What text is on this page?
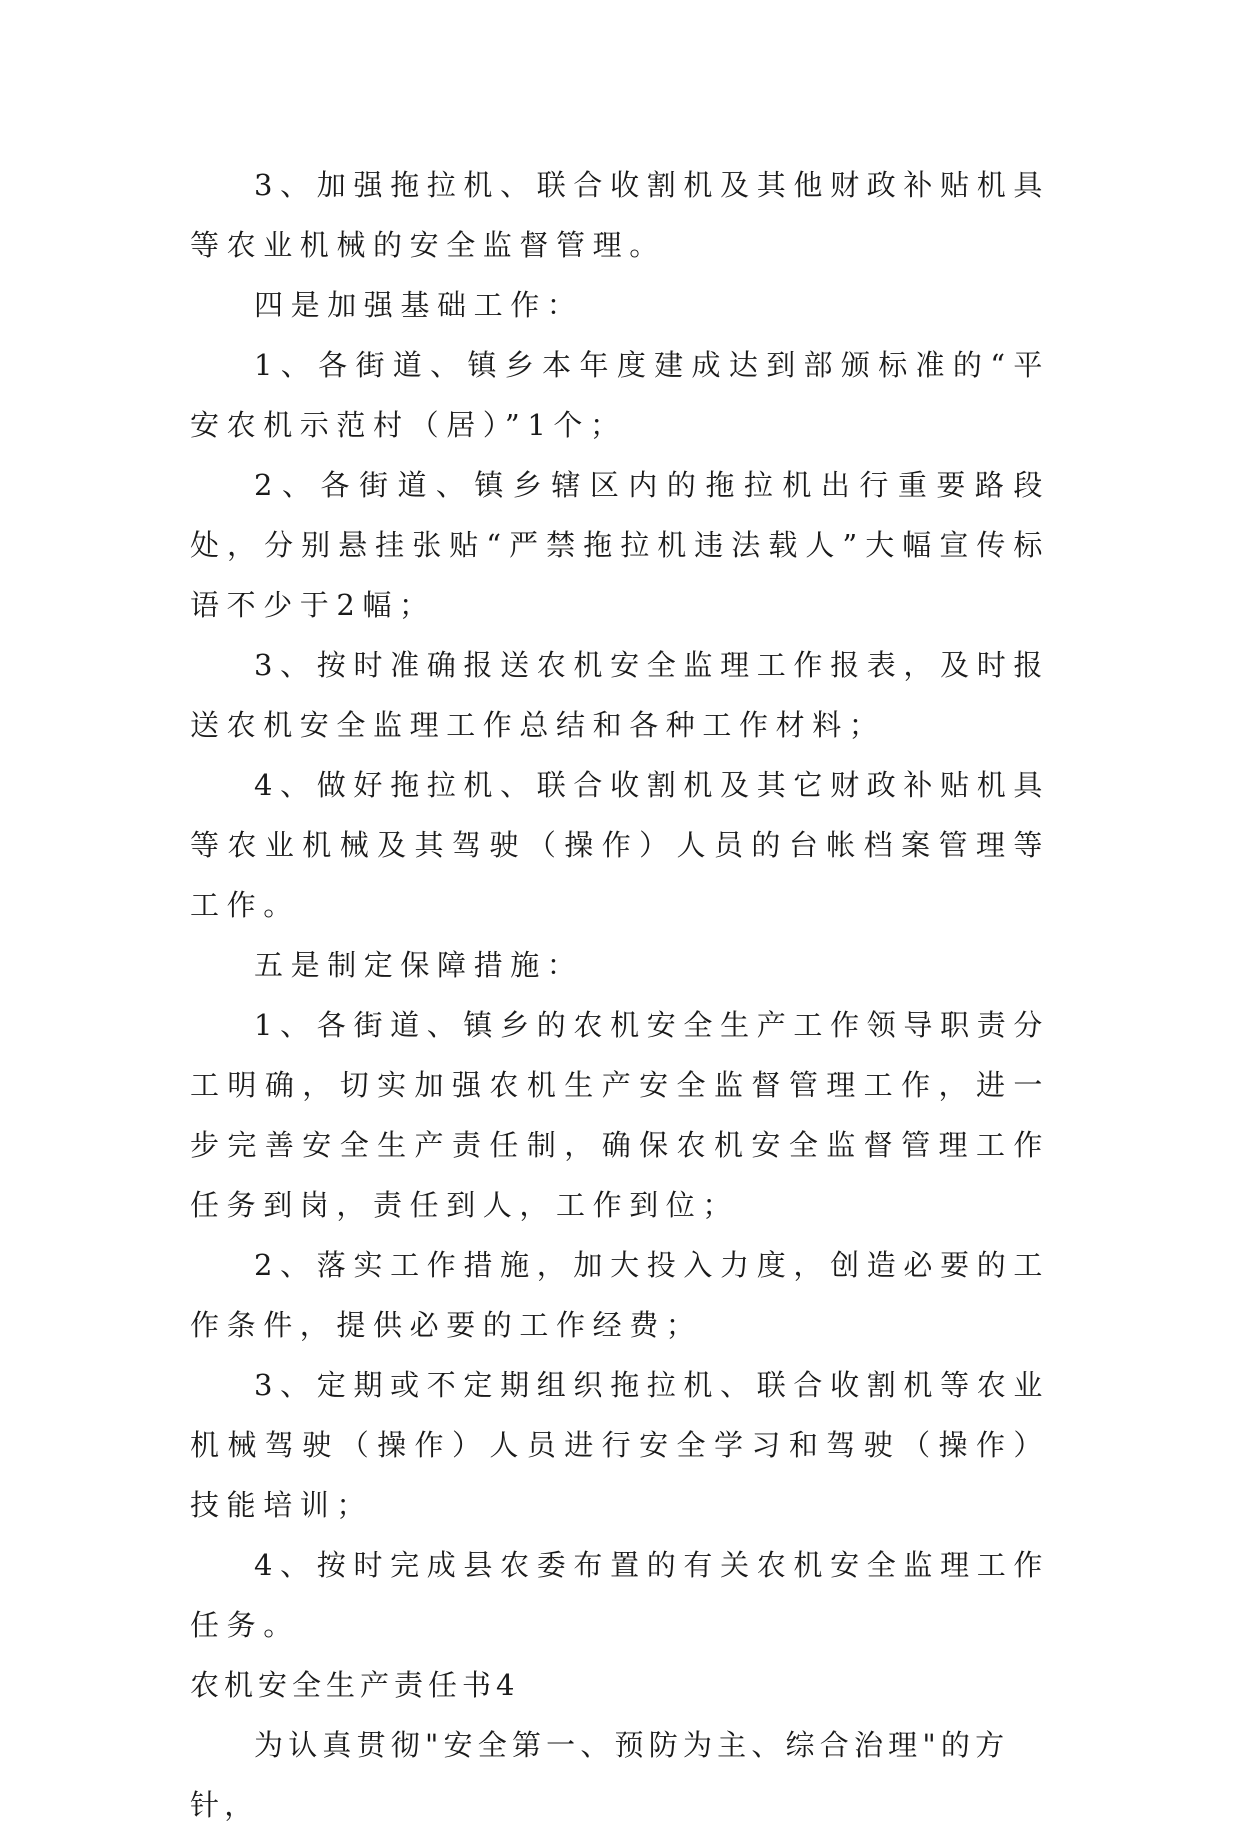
3、加强拖拉机、联合收割机及其他财政补贴机具等农业机械的安全监督管理。

四是加强基础工作：

1、各街道、镇乡本年度建成达到部颁标准的“平安农机示范村（居）”1个；

2、各街道、镇乡辖区内的拖拉机出行重要路段处，分别悬挂张贴“严禁拖拉机违法载人”大幅宣传标语不少于2幅；

3、按时准确报送农机安全监理工作报表，及时报送农机安全监理工作总结和各种工作材料；

4、做好拖拉机、联合收割机及其它财政补贴机具等农业机械及其驾驶（操作）人员的台帐档案管理等工作。

五是制定保障措施：

1、各街道、镇乡的农机安全生产工作领导职责分工明确，切实加强农机生产安全监督管理工作，进一步完善安全生产责任制，确保农机安全监督管理工作任务到岗，责任到人，工作到位；

2、落实工作措施，加大投入力度，创造必要的工作条件，提供必要的工作经费；

3、定期或不定期组织拖拉机、联合收割机等农业机械驾驶（操作）人员进行安全学习和驾驶（操作）技能培训；

4、按时完成县农委布置的有关农机安全监理工作任务。

农机安全生产责任书4

为认真贯彻"安全第一、预防为主、综合治理"的方针，
